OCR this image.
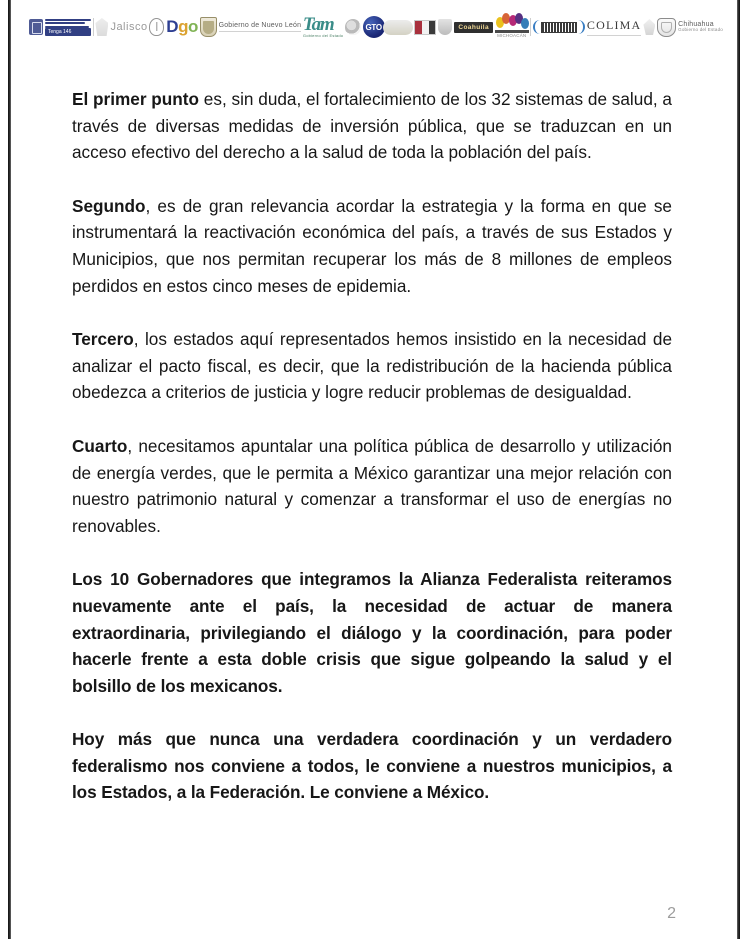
Tenga 146	Jalisco Dgo	Gobierno de Nuevo León Tam
Gobierno del Estado
GTO	Coahuila
MICHOACÁN
COLIMA	Chihuahua
Gobierno del Estado

El primer punto es, sin duda, el fortalecimiento de los 32 sistemas de salud, a través de diversas medidas de inversión pública, que se traduzcan en un acceso efectivo del derecho a la salud de toda la población del país.

Segundo, es de gran relevancia acordar la estrategia y la forma en que se instrumentará la reactivación económica del país, a través de sus Estados y Municipios, que nos permitan recuperar los más de 8 millones de empleos perdidos en estos cinco meses de epidemia.

Tercero, los estados aquí representados hemos insistido en la necesidad de analizar el pacto fiscal, es decir, que la redistribución de la hacienda pública obedezca a criterios de justicia y logre reducir problemas de desigualdad.

Cuarto, necesitamos apuntalar una política pública de desarrollo y utilización de energía verdes, que le permita a México garantizar una mejor relación con nuestro patrimonio natural y comenzar a transformar el uso de energías no renovables.

Los 10 Gobernadores que integramos la Alianza Federalista reiteramos nuevamente ante el país, la necesidad de actuar de manera extraordinaria, privilegiando el diálogo y la coordinación, para poder hacerle frente a esta doble crisis que sigue golpeando la salud y el bolsillo de los mexicanos.

Hoy más que nunca una verdadera coordinación y un verdadero federalismo nos conviene a todos, le conviene a nuestros municipios, a los Estados, a la Federación. Le conviene a México.

2
